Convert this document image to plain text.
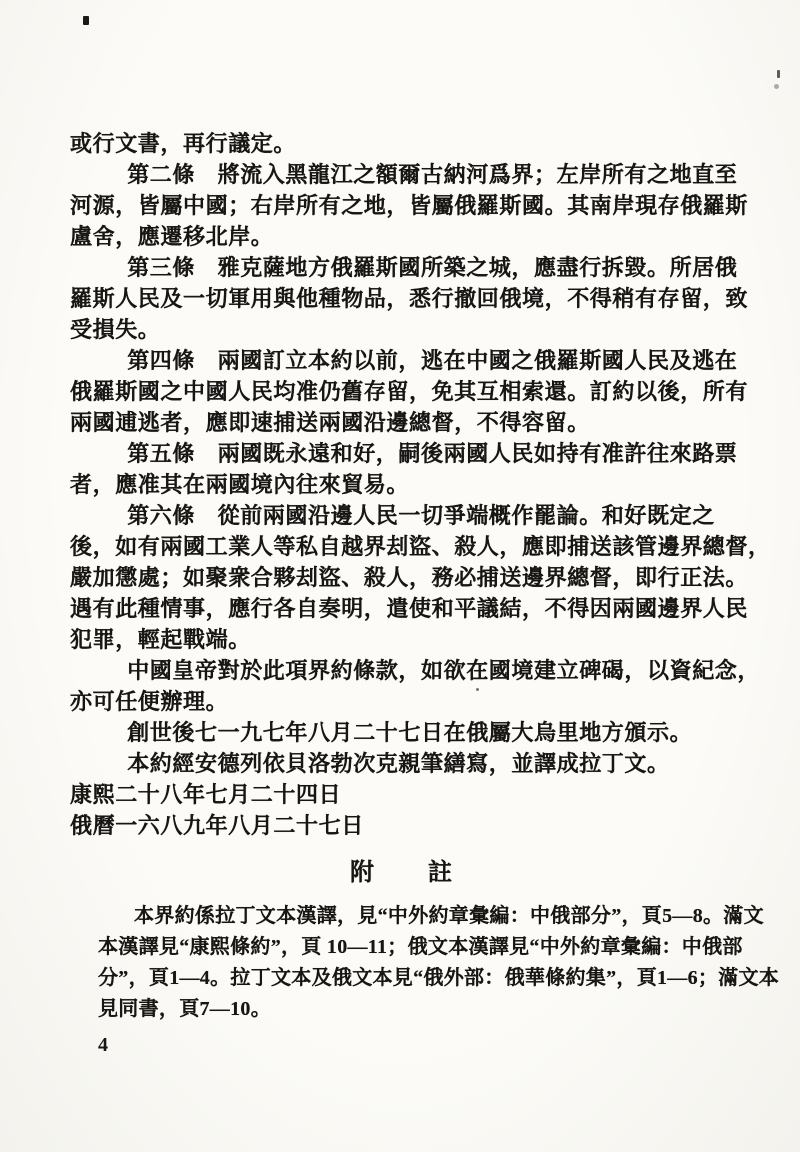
或行文書，再行議定。
第二條　將流入黑龍江之額爾古納河爲界；左岸所有之地直至
河源，皆屬中國；右岸所有之地，皆屬俄羅斯國。其南岸現存俄羅斯
盧舍，應遷移北岸。
第三條　雅克薩地方俄羅斯國所築之城，應盡行拆毀。所居俄
羅斯人民及一切軍用與他種物品，悉行撤回俄境，不得稍有存留，致
受損失。
第四條　兩國訂立本約以前，逃在中國之俄羅斯國人民及逃在
俄羅斯國之中國人民均准仍舊存留，免其互相索還。訂約以後，所有
兩國逋逃者，應即速捕送兩國沿邊總督，不得容留。
第五條　兩國既永遠和好，嗣後兩國人民如持有准許往來路票
者，應准其在兩國境內往來貿易。
第六條　從前兩國沿邊人民一切爭端概作罷論。和好既定之
後，如有兩國工業人等私自越界刦盜、殺人，應即捕送該管邊界總督，
嚴加懲處；如聚衆合夥刦盜、殺人，務必捕送邊界總督，即行正法。
遇有此種情事，應行各自奏明，遣使和平議結，不得因兩國邊界人民
犯罪，輕起戰端。
中國皇帝對於此項界約條款，如欲在國境建立碑碣，以資紀念，
亦可任便辦理。
創世後七一九七年八月二十七日在俄屬大烏里地方頒示。
本約經安德列依貝洛勃次克親筆繕寫，並譯成拉丁文。
康熙二十八年七月二十四日
俄曆一六八九年八月二十七日
附　　註
本界約係拉丁文本漢譯，見“中外約章彙編：中俄部分”，頁5—8。滿文
本漢譯見“康熙條約”，頁 10—11；俄文本漢譯見“中外約章彙編：中俄部
分”，頁1—4。拉丁文本及俄文本見“俄外部：俄華條約集”，頁1—6；滿文本
見同書，頁7—10。
4
